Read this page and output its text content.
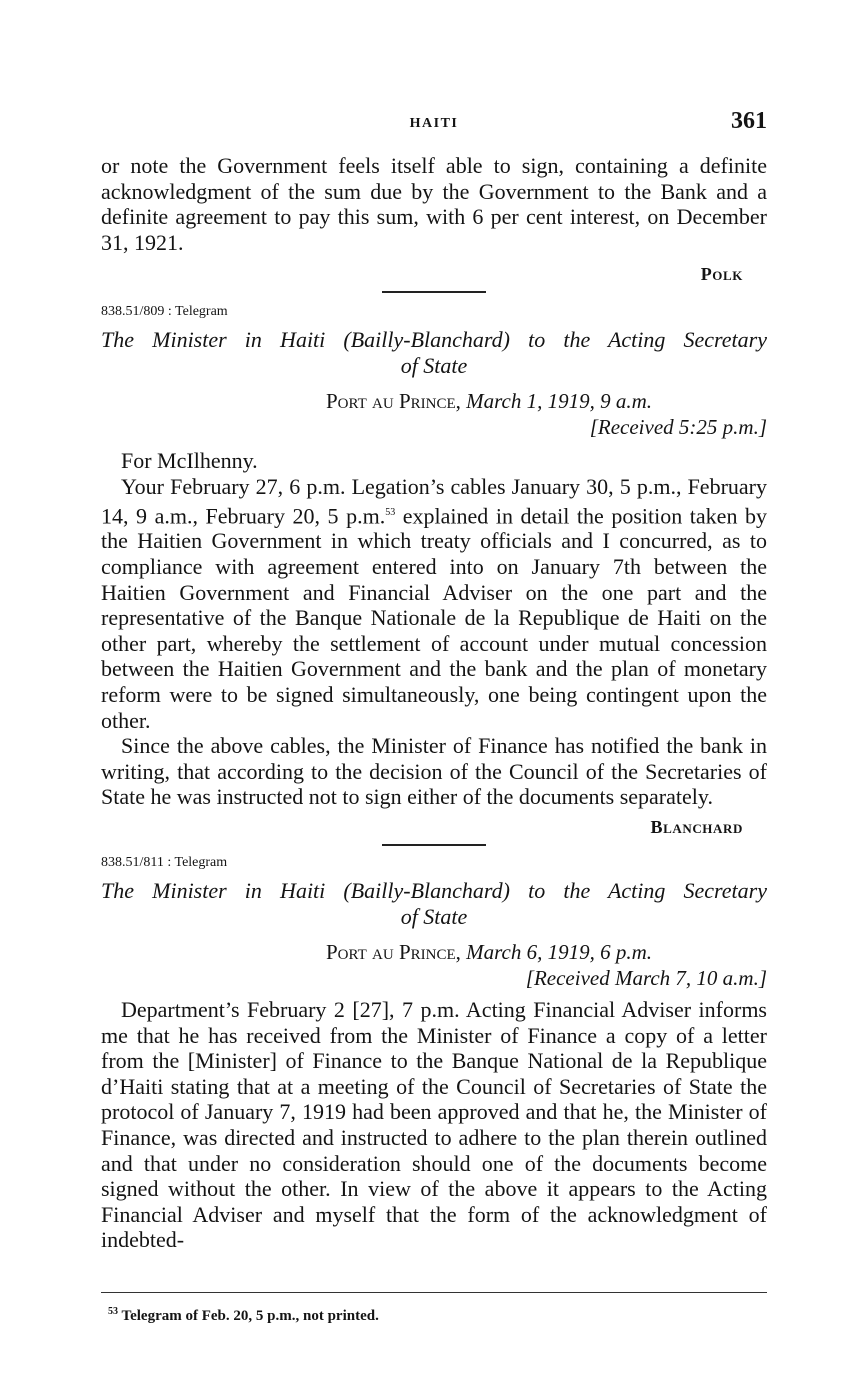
HAITI	361

or note the Government feels itself able to sign, containing a definite acknowledgment of the sum due by the Government to the Bank and a definite agreement to pay this sum, with 6 per cent interest, on December 31, 1921.

Polk

838.51/809 : Telegram

The Minister in Haiti (Bailly-Blanchard) to the Acting Secretary
of State

Port au Prince, March 1, 1919, 9 a.m.

[Received 5:25 p.m.]

For McIlhenny.

Your February 27, 6 p.m. Legation’s cables January 30, 5 p.m., February 14, 9 a.m., February 20, 5 p.m.$^{53}$ explained in detail the position taken by the Haitien Government in which treaty officials and I concurred, as to compliance with agreement entered into on January 7th between the Haitien Government and Financial Adviser on the one part and the representative of the Banque Nationale de la Republique de Haiti on the other part, whereby the settlement of account under mutual concession between the Haitien Government and the bank and the plan of monetary reform were to be signed simultaneously, one being contingent upon the other.

Since the above cables, the Minister of Finance has notified the bank in writing, that according to the decision of the Council of the Secretaries of State he was instructed not to sign either of the documents separately.

Blanchard

838.51/811 : Telegram

The Minister in Haiti (Bailly-Blanchard) to the Acting Secretary
of State

Port au Prince, March 6, 1919, 6 p.m.

[Received March 7, 10 a.m.]

Department’s February 2 [27], 7 p.m. Acting Financial Adviser informs me that he has received from the Minister of Finance a copy of a letter from the [Minister] of Finance to the Banque National de la Republique d’Haiti stating that at a meeting of the Council of Secretaries of State the protocol of January 7, 1919 had been approved and that he, the Minister of Finance, was directed and instructed to adhere to the plan therein outlined and that under no consideration should one of the documents become signed without the other. In view of the above it appears to the Acting Financial Adviser and myself that the form of the acknowledgment of indebted-

$^{53}$ Telegram of Feb. 20, 5 p.m., not printed.
